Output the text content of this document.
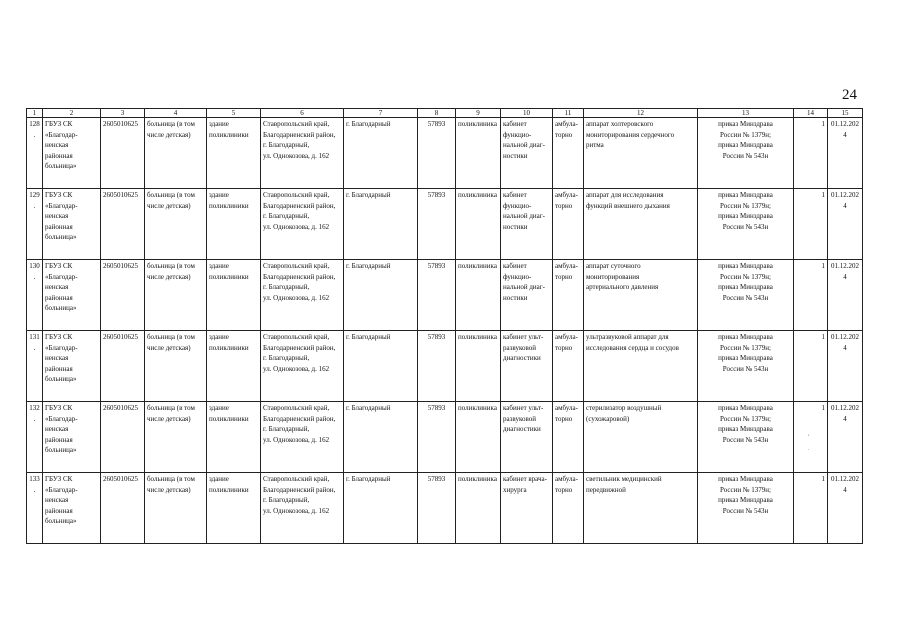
24
1	2	3	4	5	6	7	8	9	10	11	12	13	14	15
128.	ГБУЗ СК
«Благодар-
ненская
районная
больница»	2605010625	больница (в том
числе детская)	здание
поликлиники	Ставропольский край,
Благодарненский район,
г. Благодарный,
ул. Однокозова, д. 162	г. Благодарный	57893	поликлиника	кабинет
функцио-
нальной диаг-
ностики	амбула-
торно	аппарат холтеровского
мониторирования сердечного
ритма	приказ Минздрава
России № 1379н;
приказ Минздрава
России № 543н	1	01.12.2024
129.	ГБУЗ СК
«Благодар-
ненская
районная
больница»	2605010625	больница (в том
числе детская)	здание
поликлиники	Ставропольский край,
Благодарненский район,
г. Благодарный,
ул. Однокозова, д. 162	г. Благодарный	57893	поликлиника	кабинет
функцио-
нальной диаг-
ностики	амбула-
торно	аппарат для исследования
функций внешнего дыхания	приказ Минздрава
России № 1379н;
приказ Минздрава
России № 543н	1	01.12.2024
130.	ГБУЗ СК
«Благодар-
ненская
районная
больница»	2605010625	больница (в том
числе детская)	здание
поликлиники	Ставропольский край,
Благодарненский район,
г. Благодарный,
ул. Однокозова, д. 162	г. Благодарный	57893	поликлиника	кабинет
функцио-
нальной диаг-
ностики	амбула-
торно	аппарат суточного
мониторирования
артериального давления	приказ Минздрава
России № 1379н;
приказ Минздрава
России № 543н	1	01.12.2024
131.	ГБУЗ СК
«Благодар-
ненская
районная
больница»	2605010625	больница (в том
числе детская)	здание
поликлиники	Ставропольский край,
Благодарненский район,
г. Благодарный,
ул. Однокозова, д. 162	г. Благодарный	57893	поликлиника	кабинет ульт-
развуковой
диагностики	амбула-
торно	ультразвуковой аппарат для
исследования сердца и сосудов	приказ Минздрава
России № 1379н;
приказ Минздрава
России № 543н	1	01.12.2024
132.	ГБУЗ СК
«Благодар-
ненская
районная
больница»	2605010625	больница (в том
числе детская)	здание
поликлиники	Ставропольский край,
Благодарненский район,
г. Благодарный,
ул. Однокозова, д. 162	г. Благодарный	57893	поликлиника	кабинет ульт-
развуковой
диагностики	амбула-
торно	стерилизатор воздушный
(сухожаровой)	приказ Минздрава
России № 1379н;
приказ Минздрава
России № 543н	1	01.12.2024
133.	ГБУЗ СК
«Благодар-
ненская
районная
больница»	2605010625	больница (в том
числе детская)	здание
поликлиники	Ставропольский край,
Благодарненский район,
г. Благодарный,
ул. Однокозова, д. 162	г. Благодарный	57893	поликлиника	кабинет врача-
хирурга	амбула-
торно	светильник медицинский
передвижной	приказ Минздрава
России № 1379н;
приказ Минздрава
России № 543н	1	01.12.2024
,
.
